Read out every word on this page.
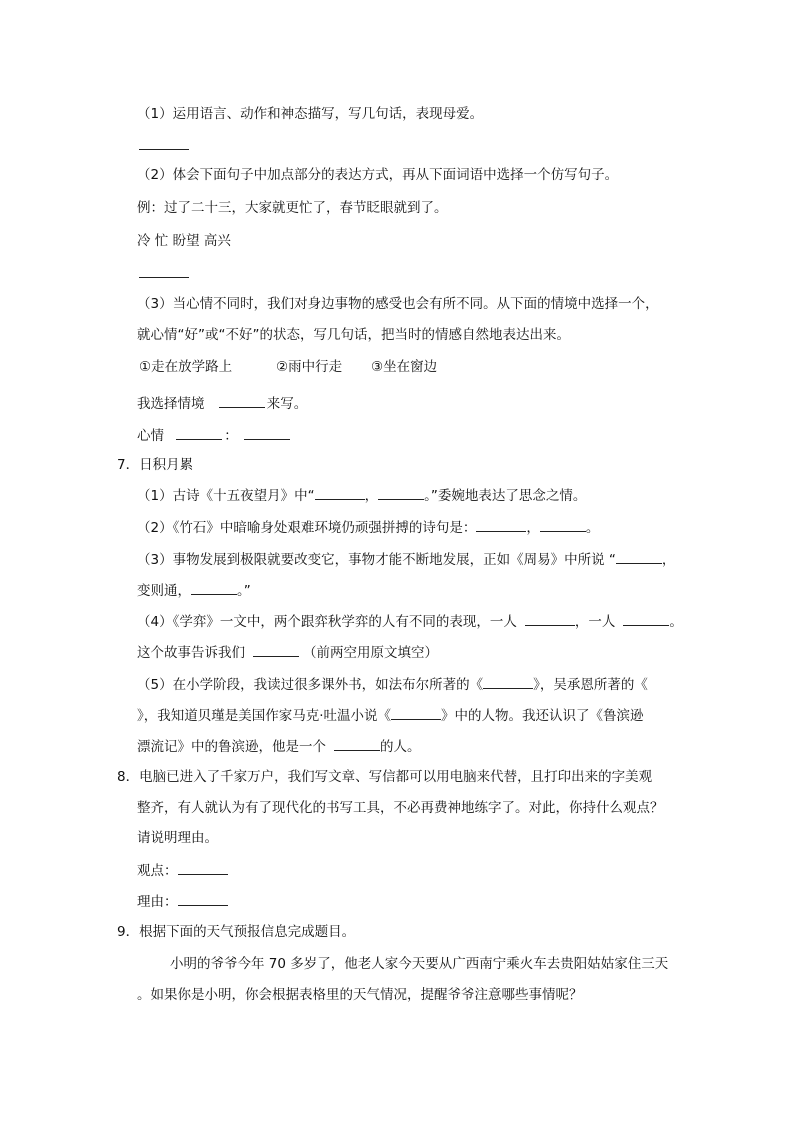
（1）运用语言、动作和神态描写，写几句话，表现母爱。
（2）体会下面句子中加点部分的表达方式，再从下面词语中选择一个仿写句子。
例：过了二十三，大家就更忙了，春节眨眼就到了。
冷 忙 盼望 高兴
（3）当心情不同时，我们对身边事物的感受也会有所不同。从下面的情境中选择一个，
就心情“好”或“不好”的状态，写几句话，把当时的情感自然地表达出来。
①走在放学路上	②雨中行走 ③坐在窗边
我选择情境	来写。
心情	：
7．日积月累
（1）古诗《十五夜望月》中“	，	。”委婉地表达了思念之情。
（2）《竹石》中暗喻身处艰难环境仍顽强拼搏的诗句是：	，	。
（3）事物发展到极限就要改变它，事物才能不断地发展，正如《周易》中所说 “	，
变则通，	。”
（4）《学弈》一文中，两个跟弈秋学弈的人有不同的表现，一人	，一人	。
这个故事告诉我们	（前两空用原文填空）
（5）在小学阶段，我读过很多课外书，如法布尔所著的《	》，吴承恩所著的《
》，我知道贝瑾是美国作家马克·吐温小说《	》中的人物。我还认识了《鲁滨逊
漂流记》中的鲁滨逊，他是一个	的人。
8．电脑已进入了千家万户，我们写文章、写信都可以用电脑来代替，且打印出来的字美观
整齐，有人就认为有了现代化的书写工具，不必再费神地练字了。对此，你持什么观点？
请说明理由。
观点：
理由：
9．根据下面的天气预报信息完成题目。
小明的爷爷今年 70 多岁了，他老人家今天要从广西南宁乘火车去贵阳姑姑家住三天
。如果你是小明，你会根据表格里的天气情况，提醒爷爷注意哪些事情呢？
